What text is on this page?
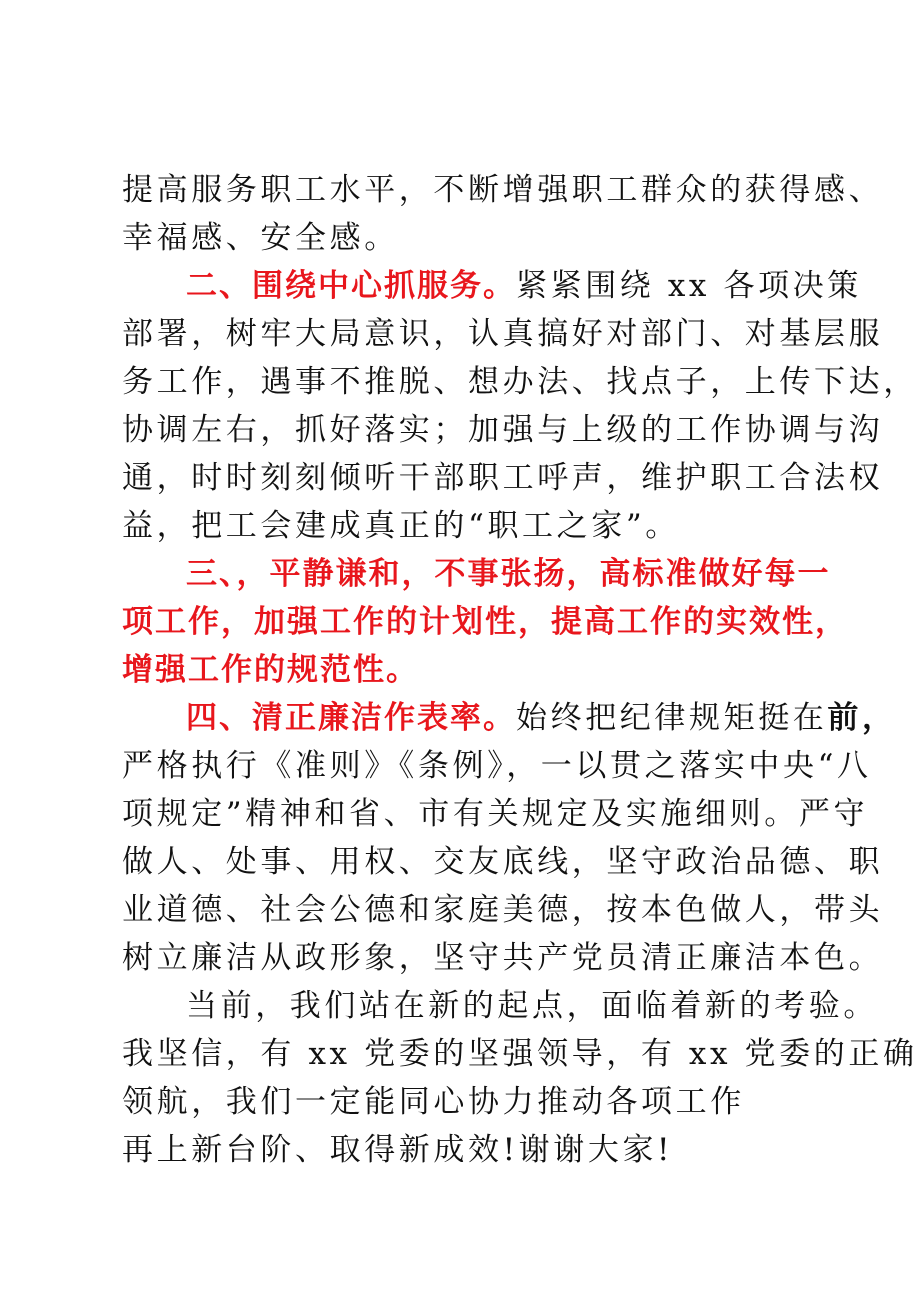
提高服务职工水平，不断增强职工群众的获得感、
幸福感、安全感。
二、围绕中心抓服务。紧紧围绕 xx 各项决策
部署，树牢大局意识，认真搞好对部门、对基层服
务工作，遇事不推脱、想办法、找点子，上传下达，
协调左右，抓好落实；加强与上级的工作协调与沟
通，时时刻刻倾听干部职工呼声，维护职工合法权
益，把工会建成真正的“职工之家”。
三、，平静谦和，不事张扬，高标准做好每一
项工作，加强工作的计划性，提高工作的实效性，
增强工作的规范性。
四、清正廉洁作表率。始终把纪律规矩挺在前，
严格执行《准则》《条例》，一以贯之落实中央“八
项规定”精神和省、市有关规定及实施细则。严守
做人、处事、用权、交友底线，坚守政治品德、职
业道德、社会公德和家庭美德，按本色做人，带头
树立廉洁从政形象，坚守共产党员清正廉洁本色。
当前，我们站在新的起点，面临着新的考验。
我坚信，有 xx 党委的坚强领导，有 xx 党委的正确
领航，我们一定能同心协力推动各项工作
再上新台阶、取得新成效!谢谢大家!
